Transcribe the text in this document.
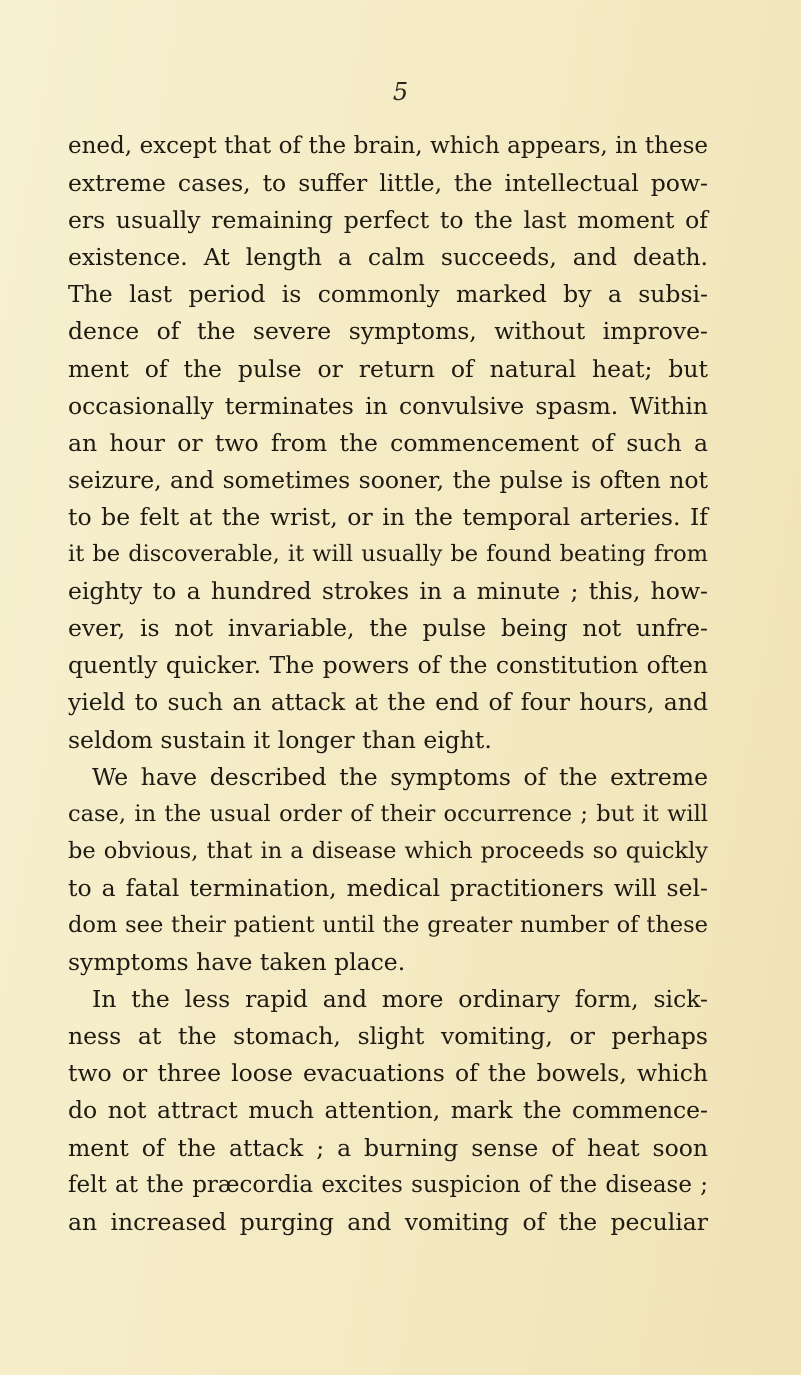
5
ened, except that of the brain, which appears, in these
extreme cases, to suffer little, the intellectual pow-
ers usually remaining perfect to the last moment of
existence. At length a calm succeeds, and death.
The last period is commonly marked by a subsi-
dence of the severe symptoms, without improve-
ment of the pulse or return of natural heat; but
occasionally terminates in convulsive spasm. Within
an hour or two from the commencement of such a
seizure, and sometimes sooner, the pulse is often not
to be felt at the wrist, or in the temporal arteries. If
it be discoverable, it will usually be found beating from
eighty to a hundred strokes in a minute ; this, how-
ever, is not invariable, the pulse being not unfre-
quently quicker. The powers of the constitution often
yield to such an attack at the end of four hours, and
seldom sustain it longer than eight.
We have described the symptoms of the extreme
case, in the usual order of their occurrence ; but it will
be obvious, that in a disease which proceeds so quickly
to a fatal termination, medical practitioners will sel-
dom see their patient until the greater number of these
symptoms have taken place.
In the less rapid and more ordinary form, sick-
ness at the stomach, slight vomiting, or perhaps
two or three loose evacuations of the bowels, which
do not attract much attention, mark the commence-
ment of the attack ; a burning sense of heat soon
felt at the præcordia excites suspicion of the disease ;
an increased purging and vomiting of the peculiar
